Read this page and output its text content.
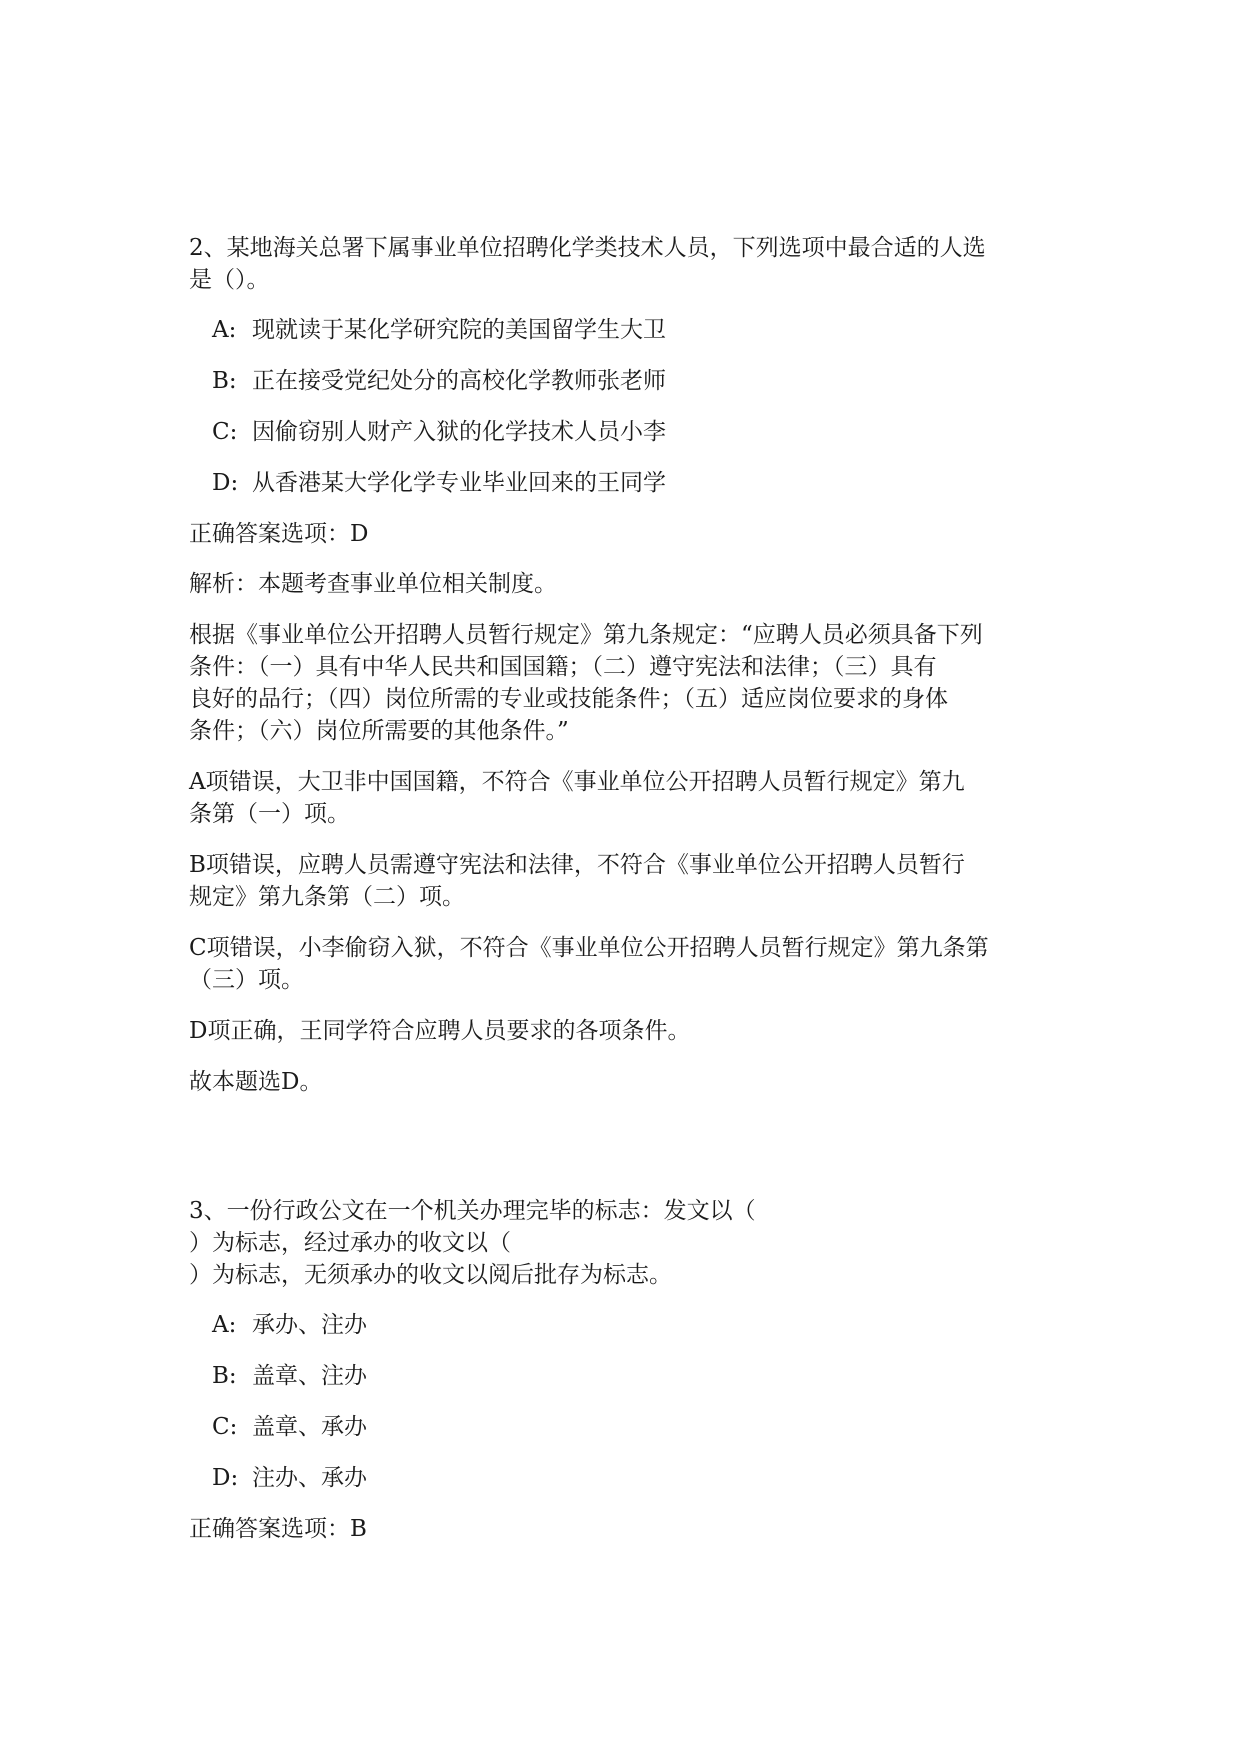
2、某地海关总署下属事业单位招聘化学类技术人员，下列选项中最合适的人选
是（）。

A: 现就读于某化学研究院的美国留学生大卫
B: 正在接受党纪处分的高校化学教师张老师
C: 因偷窃别人财产入狱的化学技术人员小李
D: 从香港某大学化学专业毕业回来的王同学

正确答案选项：D

解析：本题考查事业单位相关制度。

根据《事业单位公开招聘人员暂行规定》第九条规定：“应聘人员必须具备下列
条件：（一）具有中华人民共和国国籍；（二）遵守宪法和法律；（三）具有
良好的品行；（四）岗位所需的专业或技能条件；（五）适应岗位要求的身体
条件；（六）岗位所需要的其他条件。”

A项错误，大卫非中国国籍，不符合《事业单位公开招聘人员暂行规定》第九
条第（一）项。

B项错误，应聘人员需遵守宪法和法律，不符合《事业单位公开招聘人员暂行
规定》第九条第（二）项。

C项错误，小李偷窃入狱，不符合《事业单位公开招聘人员暂行规定》第九条第
（三）项。

D项正确，王同学符合应聘人员要求的各项条件。

故本题选D。

3、一份行政公文在一个机关办理完毕的标志：发文以（
）为标志，经过承办的收文以（
）为标志，无须承办的收文以阅后批存为标志。

A: 承办、注办
B: 盖章、注办
C: 盖章、承办
D: 注办、承办

正确答案选项：B
